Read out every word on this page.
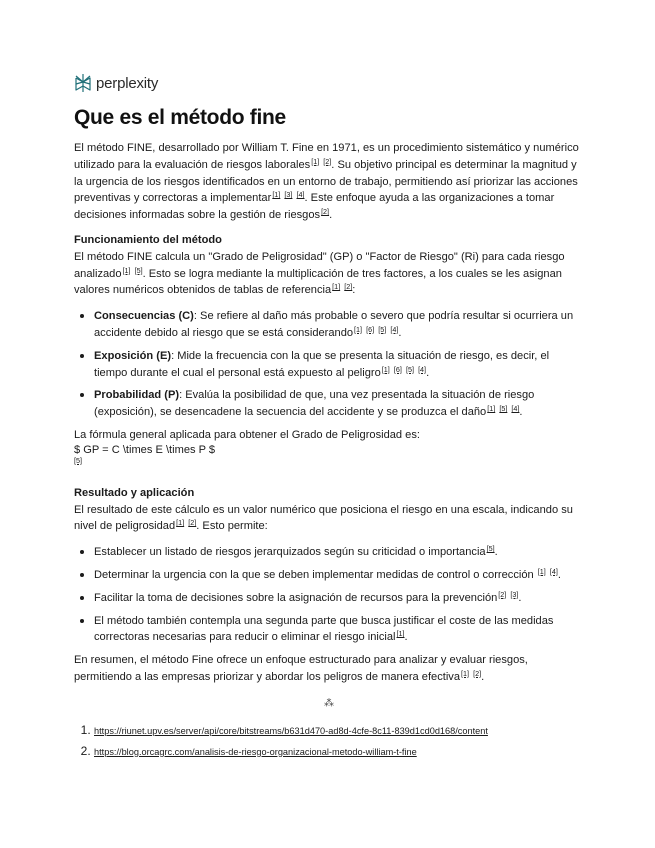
perplexity
Que es el método fine

El método FINE, desarrollado por William T. Fine en 1971, es un procedimiento sistemático y numérico utilizado para la evaluación de riesgos laborales[1] [2]. Su objetivo principal es determinar la magnitud y la urgencia de los riesgos identificados en un entorno de trabajo, permitiendo así priorizar las acciones preventivas y correctoras a implementar[1] [3] [4]. Este enfoque ayuda a las organizaciones a tomar decisiones informadas sobre la gestión de riesgos[2].

Funcionamiento del método

El método FINE calcula un "Grado de Peligrosidad" (GP) o "Factor de Riesgo" (Ri) para cada riesgo analizado[1] [5]. Esto se logra mediante la multiplicación de tres factores, a los cuales se les asignan valores numéricos obtenidos de tablas de referencia[1] [2]:

• Consecuencias (C): Se refiere al daño más probable o severo que podría resultar si ocurriera un accidente debido al riesgo que se está considerando[1] [6] [5] [4].
• Exposición (E): Mide la frecuencia con la que se presenta la situación de riesgo, es decir, el tiempo durante el cual el personal está expuesto al peligro[1] [6] [5] [4].
• Probabilidad (P): Evalúa la posibilidad de que, una vez presentada la situación de riesgo (exposición), se desencadene la secuencia del accidente y se produzca el daño[1] [5] [4].

La fórmula general aplicada para obtener el Grado de Peligrosidad es:

$ GP = C \times E \times P $
[5]
Resultado y aplicación

El resultado de este cálculo es un valor numérico que posiciona el riesgo en una escala, indicando su nivel de peligrosidad[1] [2]. Esto permite:

• Establecer un listado de riesgos jerarquizados según su criticidad o importancia[5].
• Determinar la urgencia con la que se deben implementar medidas de control o corrección [1] [4].
• Facilitar la toma de decisiones sobre la asignación de recursos para la prevención[2] [3].
• El método también contempla una segunda parte que busca justificar el coste de las medidas correctoras necesarias para reducir o eliminar el riesgo inicial[1].

En resumen, el método Fine ofrece un enfoque estructurado para analizar y evaluar riesgos, permitiendo a las empresas priorizar y abordar los peligros de manera efectiva[1] [2].

⁂
1. https://riunet.upv.es/server/api/core/bitstreams/b631d470-ad8d-4cfe-8c11-839d1cd0d168/content
2. https://blog.orcagrc.com/analisis-de-riesgo-organizacional-metodo-william-t-fine
